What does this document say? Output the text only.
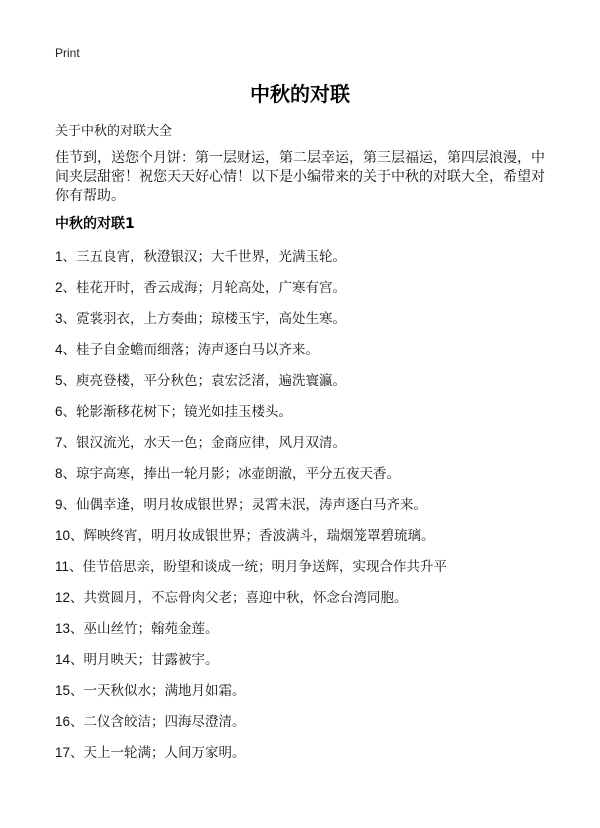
Print
中秋的对联
关于中秋的对联大全
佳节到，送您个月饼：第一层财运，第二层幸运，第三层福运，第四层浪漫，中间夹层甜密！祝您天天好心情！以下是小编带来的关于中秋的对联大全，希望对你有帮助。
中秋的对联1
1、三五良宵，秋澄银汉；大千世界，光满玉轮。
2、桂花开时，香云成海；月轮高处，广寒有宫。
3、霓裳羽衣，上方奏曲；琼楼玉宇，高处生寒。
4、桂子自金蟾而细落；涛声逐白马以齐来。
5、庾亮登楼，平分秋色；袁宏泛渚，遍洗寰瀛。
6、轮影渐移花树下；镜光如挂玉楼头。
7、银汉流光，水天一色；金商应律，风月双清。
8、琼宇高寒，捧出一轮月影；冰壶朗澈，平分五夜天香。
9、仙偶幸逢，明月妆成银世界；灵霄未泯，涛声逐白马齐来。
10、辉映终宵，明月妆成银世界；香波满斗，瑞烟笼罩碧琉璃。
11、佳节倍思亲，盼望和谈成一统；明月争送辉，实现合作共升平
12、共赏圆月，不忘骨肉父老；喜迎中秋，怀念台湾同胞。
13、巫山丝竹；翰苑金莲。
14、明月映天；甘露被宇。
15、一天秋似水；满地月如霜。
16、二仪含皎洁；四海尽澄清。
17、天上一轮满；人间万家明。
